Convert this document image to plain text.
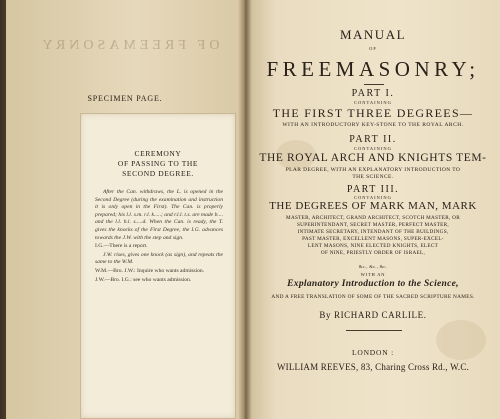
OF FREEMASONRY
SPECIMEN PAGE.
CEREMONY
OF PASSING TO THE
SECOND DEGREE.

After the Can. withdraws, the L. is opened in the Second Degree (during the examination and instruction it is only open in the First). The Can. is properly prepared; his l.l. s.m. r.l. k.....; and r.l.l. t.s. are made b.... and the l.l. h.l. s.....d. When the Can. is ready, the T. gives the knocks of the First Degree, the I.G. advances towards the J.W. with the step and sign.

I.G.—There is a report.

J.W. rises, gives one knock (as sign), and repeats the same to the W.M.

W.M.—Bro. J.W.: Inquire who wants admission.

J.W.—Bro. I.G.: see who wants admission.

MANUAL
OF
FREEMASONRY;
PART I.
CONTAINING
THE FIRST THREE DEGREES—
WITH AN INTRODUCTORY KEY-STONE TO THE ROYAL ARCH.
PART II.
CONTAINING
THE ROYAL ARCH AND KNIGHTS TEM-
PLAR DEGREE, WITH AN EXPLANATORY INTRODUCTION TO
THE SCIENCE.
PART III.
CONTAINING
THE DEGREES OF MARK MAN, MARK
MASTER, ARCHITECT, GRAND ARCHITECT, SCOTCH MASTER, OR
SUPERINTENDANT, SECRET MASTER, PERFECT MASTER,
INTIMATE SECRETARY, INTENDANT OF THE BUILDINGS,
PAST MASTER, EXCELLENT MASONS, SUPER-EXCEL-
LENT MASONS, NINE ELECTED KNIGHTS, ELECT
OF NINE, PRIESTLY ORDER OF ISRAEL,
&c., &c., &c.
WITH AN
Explanatory Introduction to the Science,
AND A FREE TRANSLATION OF SOME OF THE SACRED SCRIPTURE NAMES.
By RICHARD CARLILE.
LONDON :
WILLIAM REEVES, 83, Charing Cross Rd., W.C.
